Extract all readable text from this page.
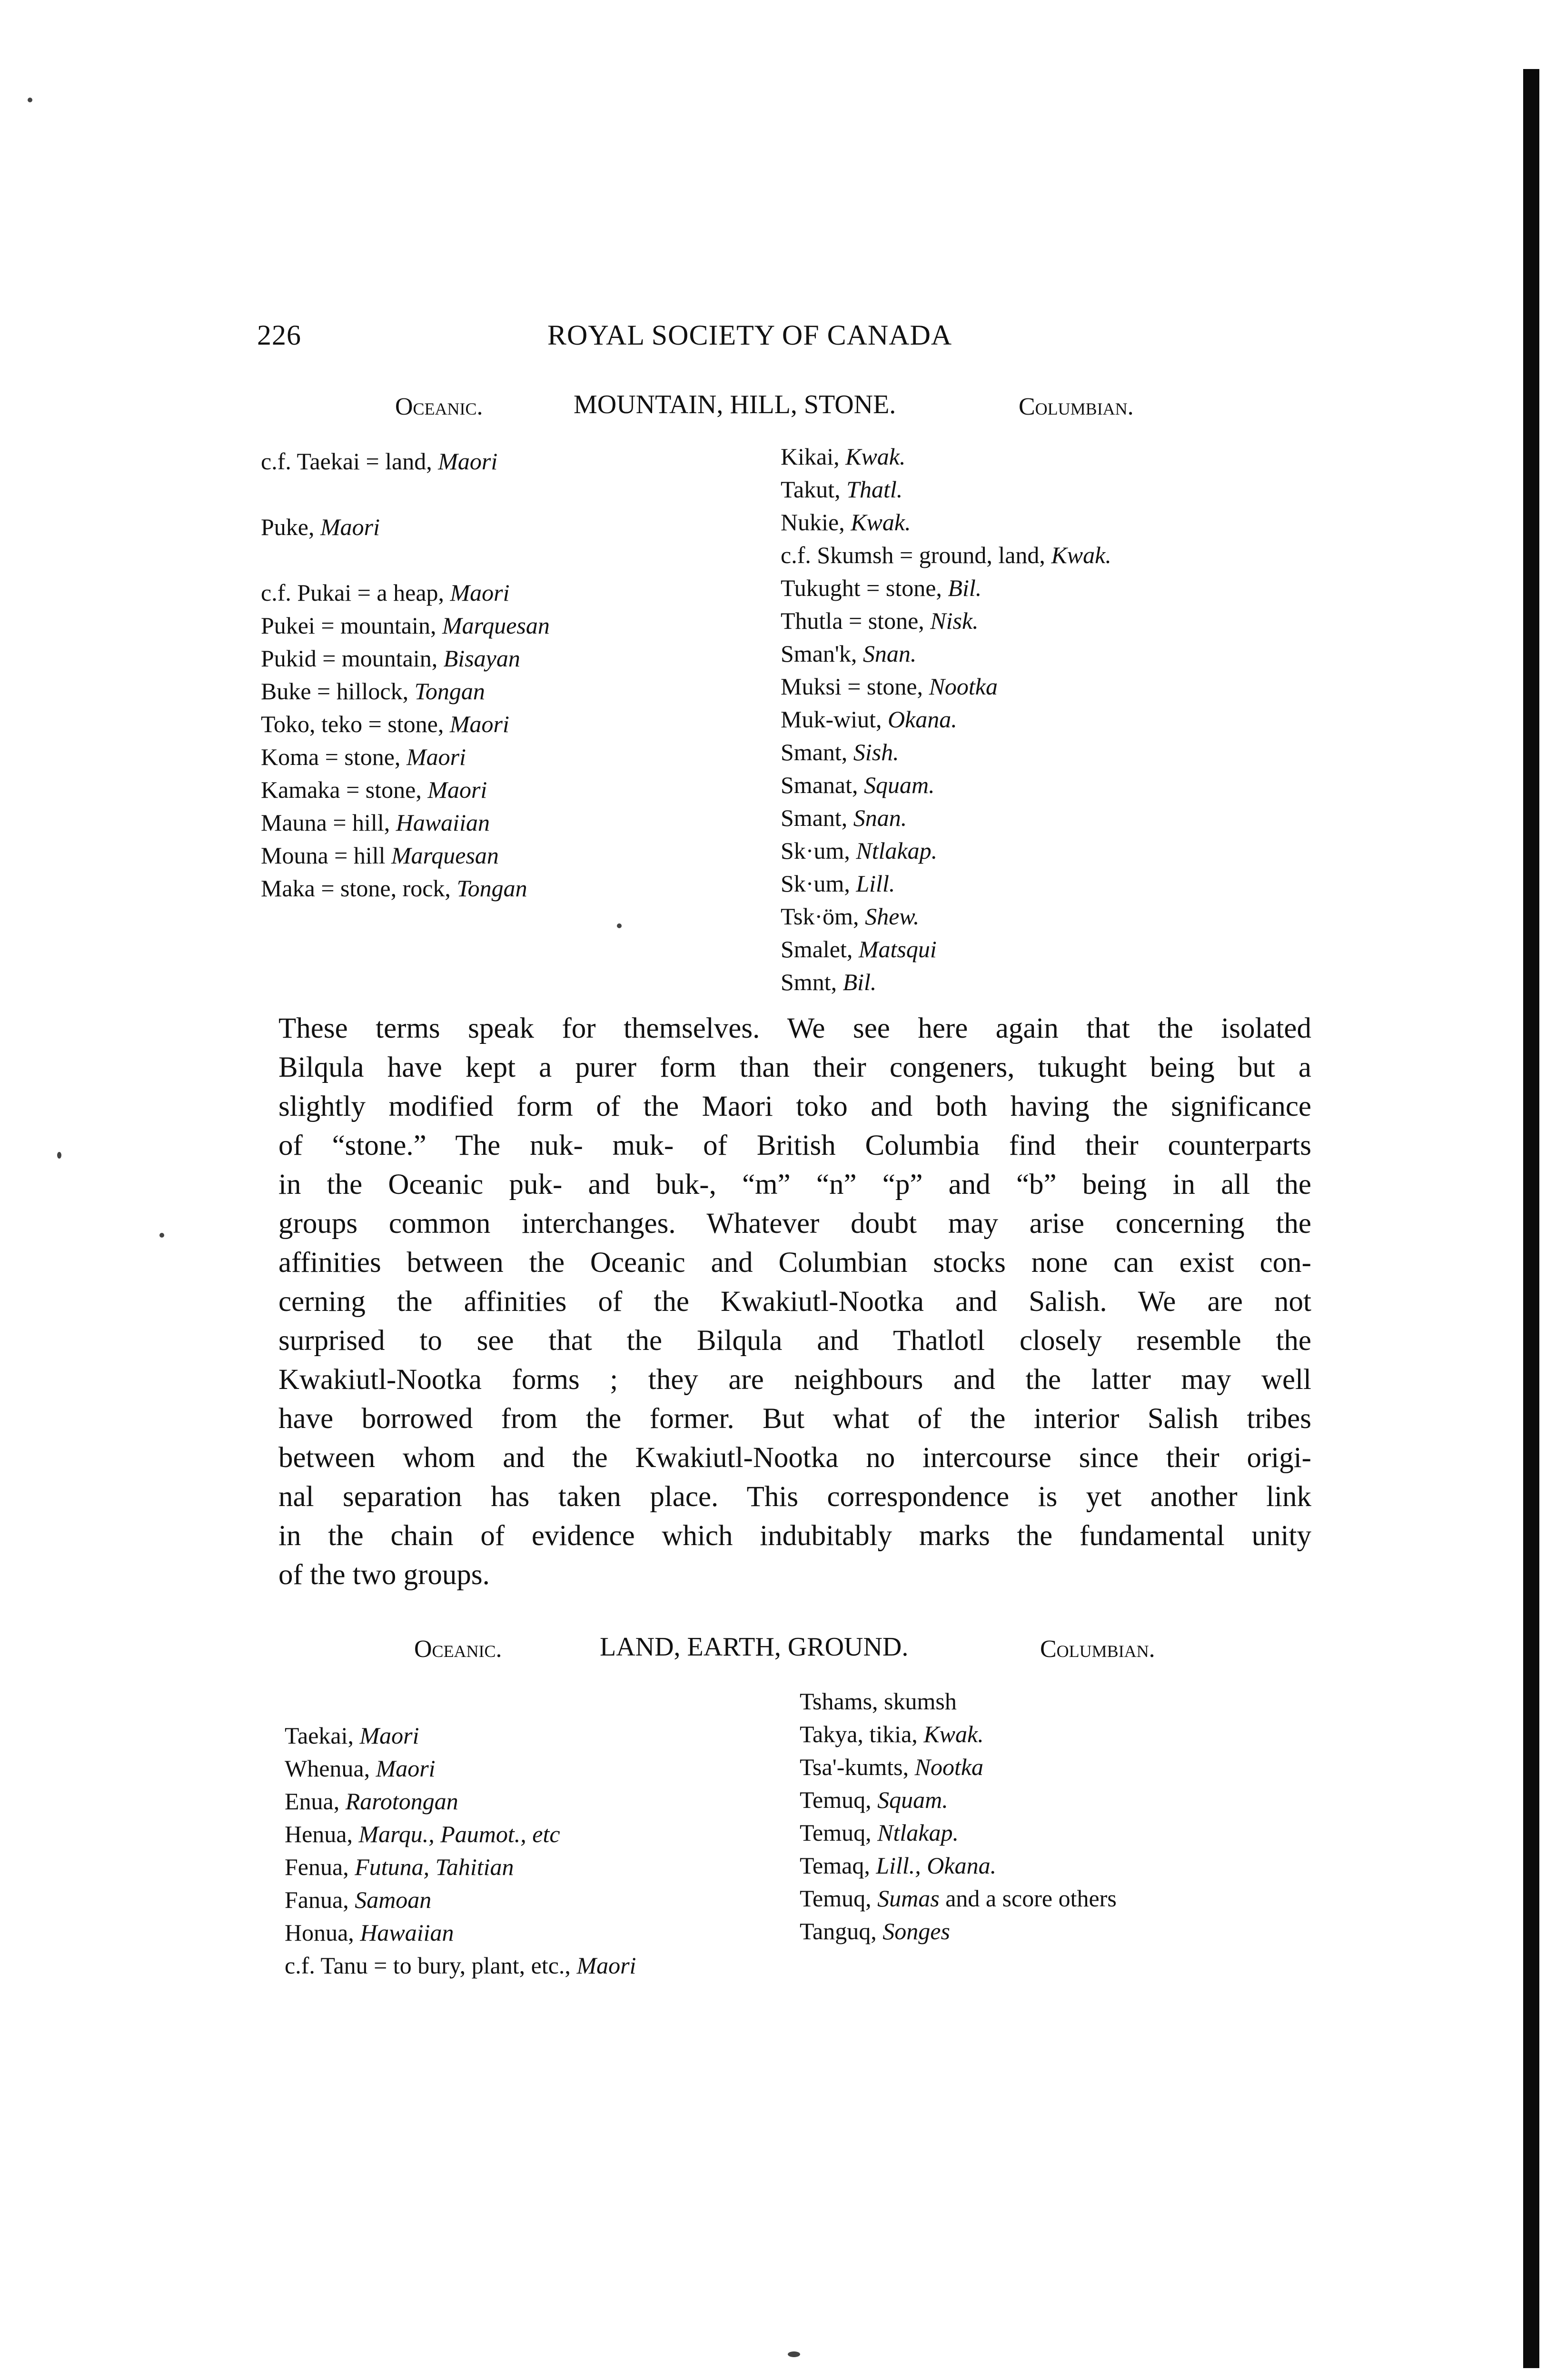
226	ROYAL SOCIETY OF CANADA
Oceanic.	MOUNTAIN, HILL, STONE.	Columbian.
c.f. Taekai = land, Maori
Puke, Maori
c.f. Pukai = a heap, Maori
Pukei = mountain, Marquesan
Pukid = mountain, Bisayan
Buke = hillock, Tongan
Toko, teko = stone, Maori
Koma = stone, Maori
Kamaka = stone, Maori
Mauna = hill, Hawaiian
Mouna = hill Marquesan
Maka = stone, rock, Tongan
Kikai, Kwak.
Takut, Thatl.
Nukie, Kwak.
c.f. Skumsh = ground, land, Kwak.
Tukught = stone, Bil.
Thutla = stone, Nisk.
Sman'k, Snan.
Muksi = stone, Nootka
Muk-wiut, Okana.
Smant, Sish.
Smanat, Squam.
Smant, Snan.
Sk·um, Ntlakap.
Sk·um, Lill.
Tsk·öm, Shew.
Smalet, Matsqui
Smnt, Bil.
These terms speak for themselves. We see here again that the isolated
Bilqula have kept a purer form than their congeners, tukught being but a
slightly modified form of the Maori toko and both having the significance
of “stone.” The nuk- muk- of British Columbia find their counterparts
in the Oceanic puk- and buk-, “m” “n” “p” and “b” being in all the
groups common interchanges. Whatever doubt may arise concerning the
affinities between the Oceanic and Columbian stocks none can exist con-
cerning the affinities of the Kwakiutl-Nootka and Salish. We are not
surprised to see that the Bilqula and Thatlotl closely resemble the
Kwakiutl-Nootka forms ; they are neighbours and the latter may well
have borrowed from the former. But what of the interior Salish tribes
between whom and the Kwakiutl-Nootka no intercourse since their origi-
nal separation has taken place. This correspondence is yet another link
in the chain of evidence which indubitably marks the fundamental unity
of the two groups.
Oceanic.	LAND, EARTH, GROUND.	Columbian.
Taekai, Maori
Whenua, Maori
Enua, Rarotongan
Henua, Marqu., Paumot., etc
Fenua, Futuna, Tahitian
Fanua, Samoan
Honua, Hawaiian
c.f. Tanu = to bury, plant, etc., Maori
Tshams, skumsh
Takya, tikia, Kwak.
Tsa'-kumts, Nootka
Temuq, Squam.
Temuq, Ntlakap.
Temaq, Lill., Okana.
Temuq, Sumas and a score others
Tanguq, Songes
